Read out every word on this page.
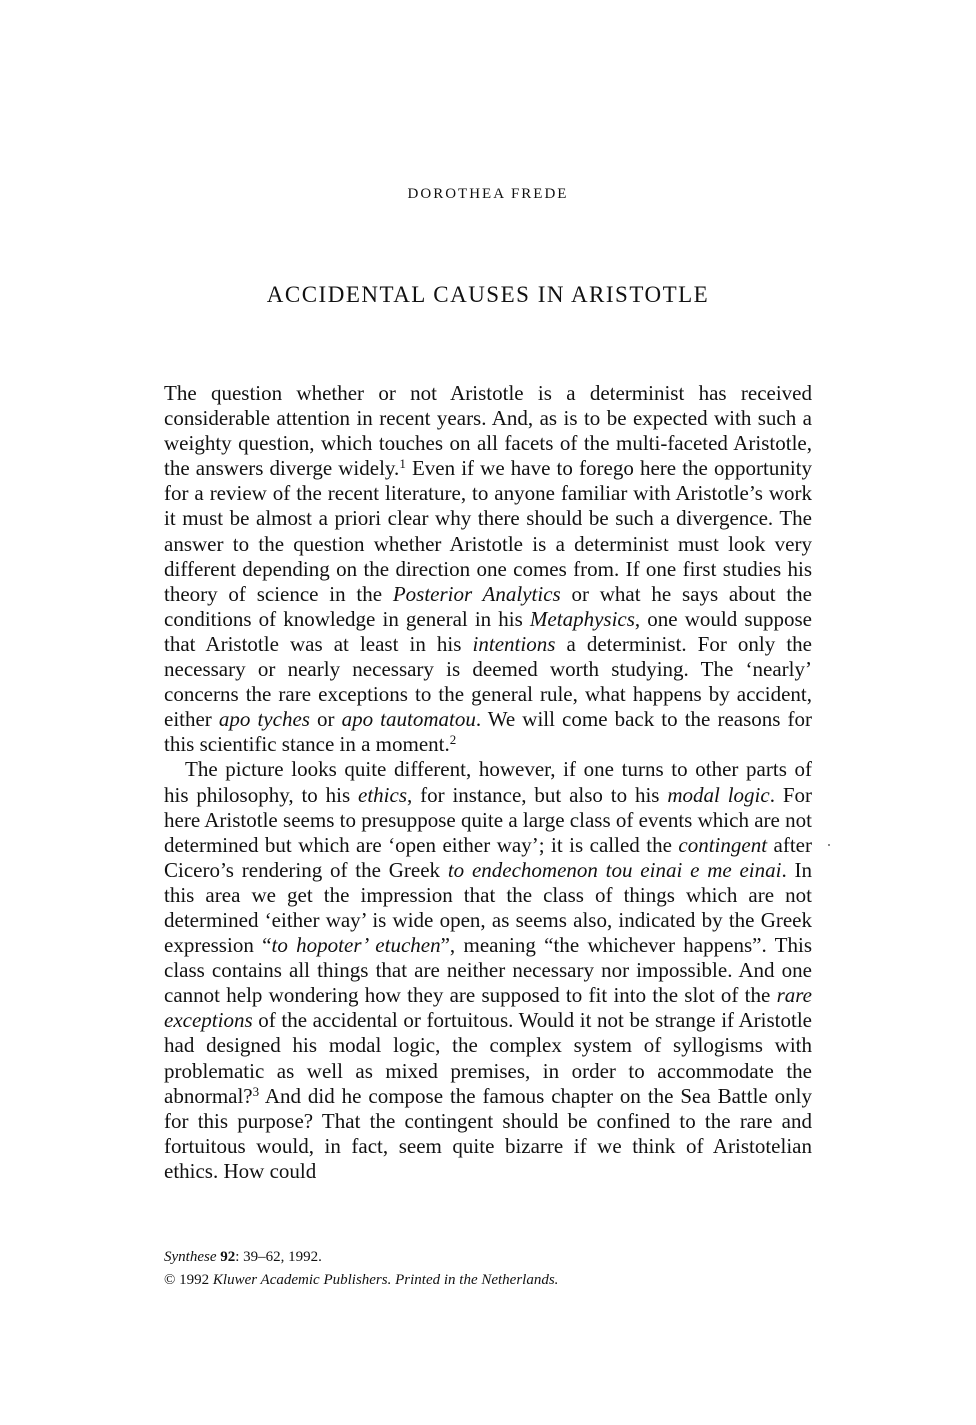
DOROTHEA FREDE
ACCIDENTAL CAUSES IN ARISTOTLE

The question whether or not Aristotle is a determinist has received considerable attention in recent years. And, as is to be expected with such a weighty question, which touches on all facets of the multi-faceted Aristotle, the answers diverge widely.$^1$ Even if we have to forego here the opportunity for a review of the recent literature, to anyone familiar with Aristotle’s work it must be almost a priori clear why there should be such a divergence. The answer to the question whether Aristotle is a determinist must look very different depending on the direction one comes from. If one first studies his theory of science in the Posterior Analytics or what he says about the conditions of knowledge in general in his Metaphysics, one would suppose that Aristotle was at least in his intentions a determinist. For only the necessary or nearly necessary is deemed worth studying. The ‘nearly’ concerns the rare exceptions to the general rule, what happens by accident, either apo tyches or apo tautomatou. We will come back to the reasons for this scientific stance in a moment.$^2$

The picture looks quite different, however, if one turns to other parts of his philosophy, to his ethics, for instance, but also to his modal logic. For here Aristotle seems to presuppose quite a large class of events which are not determined but which are ‘open either way’; it is called the contingent after Cicero’s rendering of the Greek to endechomenon tou einai e me einai. In this area we get the impression that the class of things which are not determined ‘either way’ is wide open, as seems also, indicated by the Greek expression “to hopoter’ etuchen”, meaning “the whichever happens”. This class contains all things that are neither necessary nor impossible. And one cannot help wondering how they are supposed to fit into the slot of the rare exceptions of the accidental or fortuitous. Would it not be strange if Aristotle had designed his modal logic, the complex system of syllogisms with problematic as well as mixed premises, in order to accommodate the abnormal?$^3$ And did he compose the famous chapter on the Sea Battle only for this purpose? That the contingent should be confined to the rare and fortuitous would, in fact, seem quite bizarre if we think of Aristotelian ethics. How could

Synthese 92: 39–62, 1992.
© 1992 Kluwer Academic Publishers. Printed in the Netherlands.
